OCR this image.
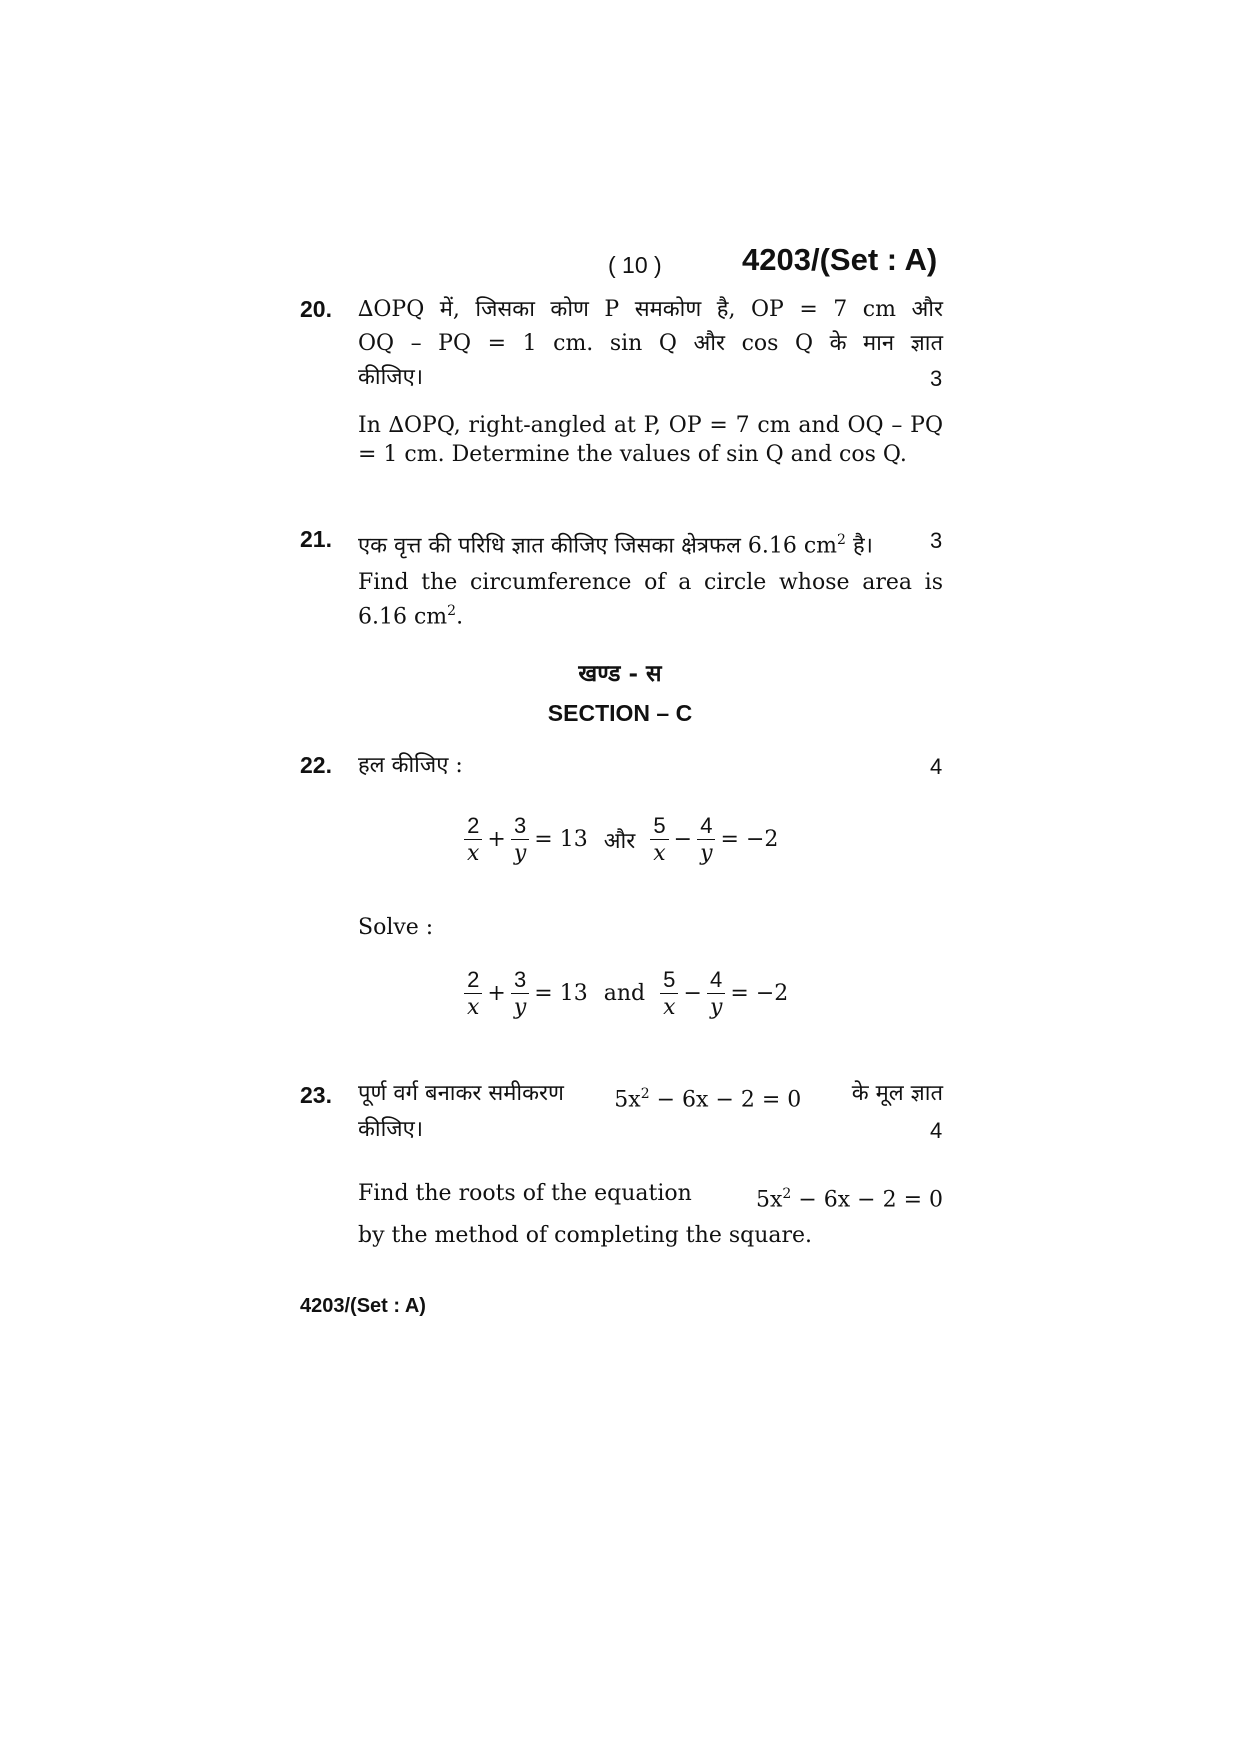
( 10 )	4203/(Set : A)
20. ∆OPQ में, जिसका कोण P समकोण है, OP = 7 cm और
OQ – PQ = 1 cm. sin Q और cos Q के मान ज्ञात
कीजिए।	3
In ∆OPQ, right-angled at P, OP = 7 cm and OQ – PQ = 1 cm. Determine the values of sin Q and cos Q.
21. एक वृत्त की परिधि ज्ञात कीजिए जिसका क्षेत्रफल 6.16 $cm^2$ है।	3
Find the circumference of a circle whose area is 6.16 $cm^2$.
खण्ड - स
SECTION – C
22. हल कीजिए :	4
$\frac{2}{x} + \frac{3}{y} = 13$ और $\frac{5}{x} - \frac{4}{y} = -2$
Solve :
$\frac{2}{x} + \frac{3}{y} = 13$ and $\frac{5}{x} - \frac{4}{y} = -2$
23. पूर्ण वर्ग बनाकर समीकरण $5x^2 - 6x - 2 = 0$ के मूल ज्ञात
कीजिए।	4
Find the roots of the equation	$5x^2 - 6x - 2 = 0$
by the method of completing the square.
4203/(Set : A)
